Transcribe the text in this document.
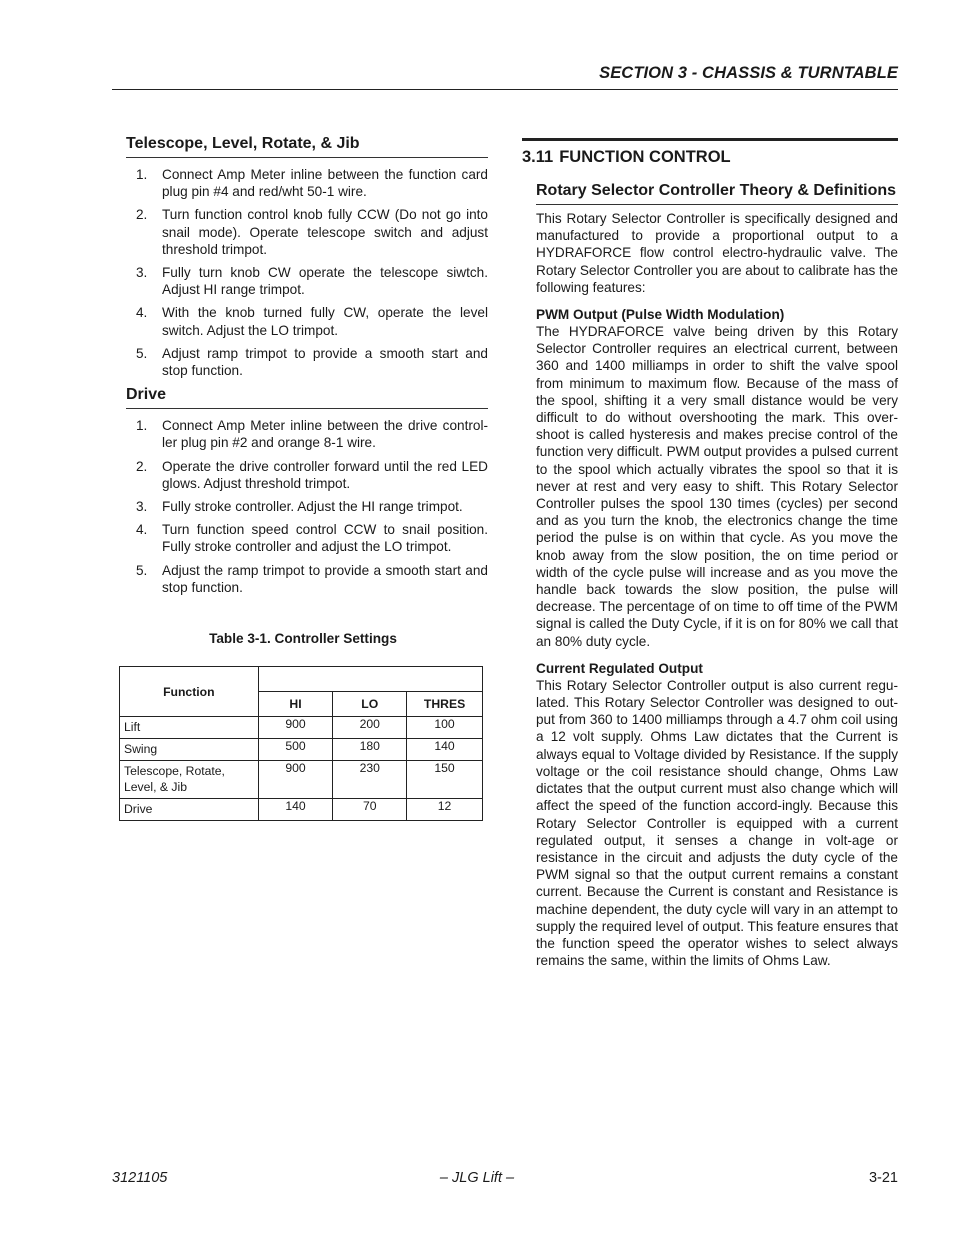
SECTION 3 - CHASSIS & TURNTABLE
Telescope, Level, Rotate, & Jib
1. Connect Amp Meter inline between the function card plug pin #4 and red/wht 50-1 wire.
2. Turn function control knob fully CCW (Do not go into snail mode). Operate telescope switch and adjust threshold trimpot.
3. Fully turn knob CW operate the telescope siwtch. Adjust HI range trimpot.
4. With the knob turned fully CW, operate the level switch. Adjust the LO trimpot.
5. Adjust ramp trimpot to provide a smooth start and stop function.
Drive
1. Connect Amp Meter inline between the drive control-ler plug pin #2 and orange 8-1 wire.
2. Operate the drive controller forward until the red LED glows. Adjust threshold trimpot.
3. Fully stroke controller. Adjust the HI range trimpot.
4. Turn function speed control CCW to snail position. Fully stroke controller and adjust the LO trimpot.
5. Adjust the ramp trimpot to provide a smooth start and stop function.
Table 3-1. Controller Settings
Function			
	HI	LO	THRES
Lift	900	200	100
Swing	500	180	140
Telescope, Rotate, Level, & Jib	900	230	150
Drive	140	70	12
3.11 FUNCTION CONTROL
Rotary Selector Controller Theory & Definitions

This Rotary Selector Controller is specifically designed and manufactured to provide a proportional output to a HYDRAFORCE flow control electro-hydraulic valve. The Rotary Selector Controller you are about to calibrate has the following features:

PWM Output (Pulse Width Modulation)

The HYDRAFORCE valve being driven by this Rotary Selector Controller requires an electrical current, between 360 and 1400 milliamps in order to shift the valve spool from minimum to maximum flow. Because of the mass of the spool, shifting it a very small distance would be very difficult to do without overshooting the mark. This over-shoot is called hysteresis and makes precise control of the function very difficult. PWM output provides a pulsed current to the spool which actually vibrates the spool so that it is never at rest and very easy to shift. This Rotary Selector Controller pulses the spool 130 times (cycles) per second and as you turn the knob, the electronics change the time period the pulse is on within that cycle. As you move the knob away from the slow position, the on time period or width of the cycle pulse will increase and as you move the handle back towards the slow position, the pulse will decrease. The percentage of on time to off time of the PWM signal is called the Duty Cycle, if it is on for 80% we call that an 80% duty cycle.

Current Regulated Output

This Rotary Selector Controller output is also current regu-lated. This Rotary Selector Controller was designed to out-put from 360 to 1400 milliamps through a 4.7 ohm coil using a 12 volt supply. Ohms Law dictates that the Current is always equal to Voltage divided by Resistance. If the supply voltage or the coil resistance should change, Ohms Law dictates that the output current must also change which will affect the speed of the function accord-ingly. Because this Rotary Selector Controller is equipped with a current regulated output, it senses a change in volt-age or resistance in the circuit and adjusts the duty cycle of the PWM signal so that the output current remains a constant current. Because the Current is constant and Resistance is machine dependent, the duty cycle will vary in an attempt to supply the required level of output. This feature ensures that the function speed the operator wishes to select always remains the same, within the limits of Ohms Law.

3121105	– JLG Lift –	3-21
